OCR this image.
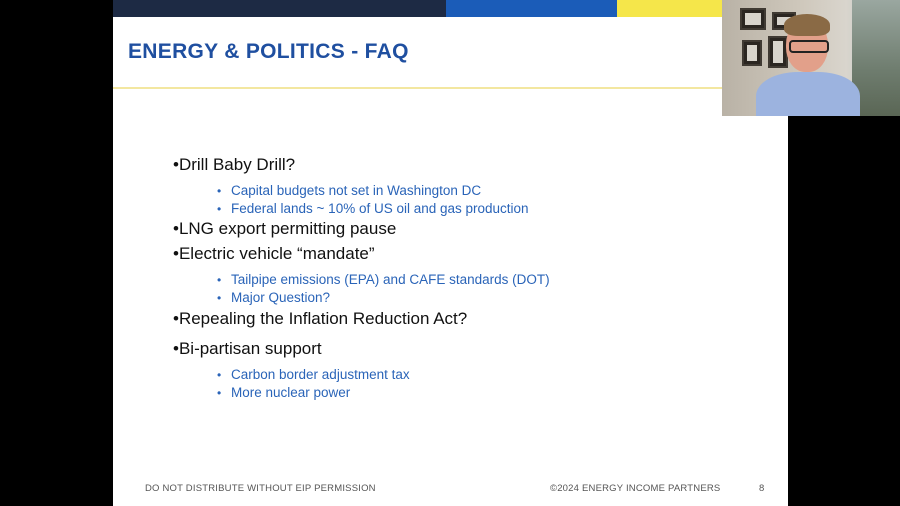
ENERGY & POLITICS - FAQ

•Drill Baby Drill?

• Capital budgets not set in Washington DC

• Federal lands ~ 10% of US oil and gas production

•LNG export permitting pause

•Electric vehicle “mandate”

• Tailpipe emissions (EPA) and CAFE standards (DOT)

• Major Question?

•Repealing the Inflation Reduction Act?

•Bi-partisan support

• Carbon border adjustment tax

• More nuclear power

DO NOT DISTRIBUTE WITHOUT EIP PERMISSION	©2024 ENERGY INCOME PARTNERS	8
